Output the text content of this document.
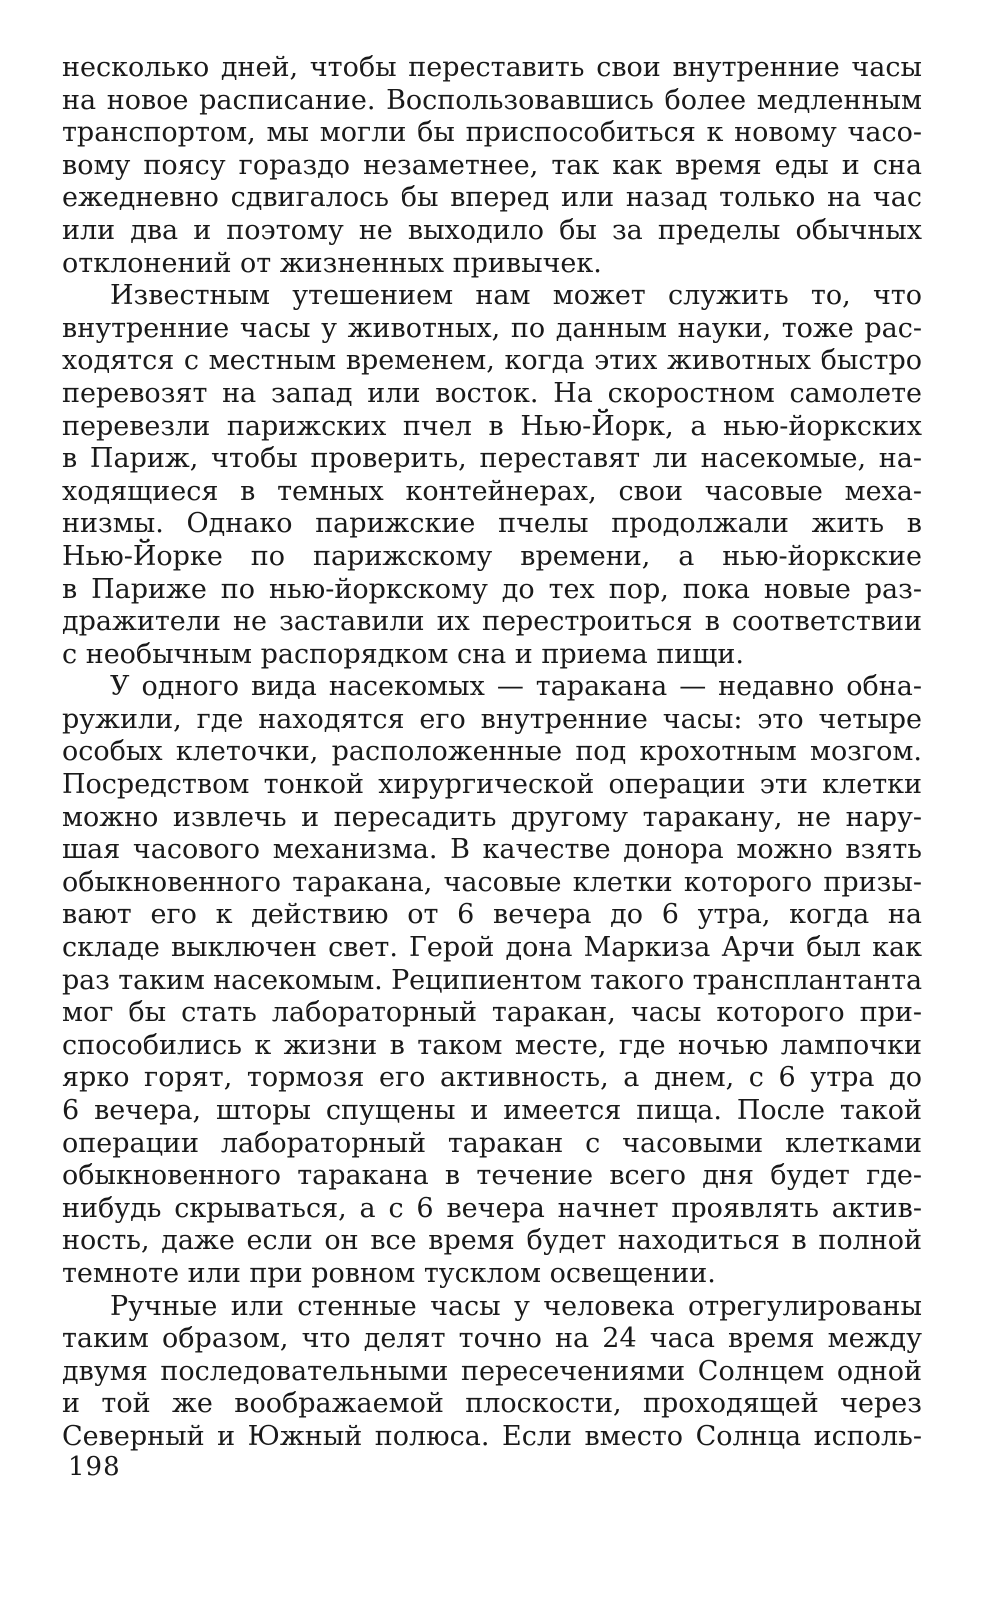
несколько дней, чтобы переставить свои внутренние часы
на новое расписание. Воспользовавшись более медленным
транспортом, мы могли бы приспособиться к новому часо-
вому поясу гораздо незаметнее, так как время еды и сна
ежедневно сдвигалось бы вперед или назад только на час
или два и поэтому не выходило бы за пределы обычных
отклонений от жизненных привычек.

Известным утешением нам может служить то, что
внутренние часы у животных, по данным науки, тоже рас-
ходятся с местным временем, когда этих животных быстро
перевозят на запад или восток. На скоростном самолете
перевезли парижских пчел в Нью-Йорк, а нью-йоркских
в Париж, чтобы проверить, переставят ли насекомые, на-
ходящиеся в темных контейнерах, свои часовые меха-
низмы. Однако парижские пчелы продолжали жить в
Нью-Йорке по парижскому времени, а нью-йоркские
в Париже по нью-йоркскому до тех пор, пока новые раз-
дражители не заставили их перестроиться в соответствии
с необычным распорядком сна и приема пищи.

У одного вида насекомых — таракана — недавно обна-
ружили, где находятся его внутренние часы: это четыре
особых клеточки, расположенные под крохотным мозгом.
Посредством тонкой хирургической операции эти клетки
можно извлечь и пересадить другому таракану, не нару-
шая часового механизма. В качестве донора можно взять
обыкновенного таракана, часовые клетки которого призы-
вают его к действию от 6 вечера до 6 утра, когда на
складе выключен свет. Герой дона Маркиза Арчи был как
раз таким насекомым. Реципиентом такого трансплантанта
мог бы стать лабораторный таракан, часы которого при-
способились к жизни в таком месте, где ночью лампочки
ярко горят, тормозя его активность, а днем, с 6 утра до
6 вечера, шторы спущены и имеется пища. После такой
операции лабораторный таракан с часовыми клетками
обыкновенного таракана в течение всего дня будет где-
нибудь скрываться, а с 6 вечера начнет проявлять актив-
ность, даже если он все время будет находиться в полной
темноте или при ровном тусклом освещении.

Ручные или стенные часы у человека отрегулированы
таким образом, что делят точно на 24 часа время между
двумя последовательными пересечениями Солнцем одной
и той же воображаемой плоскости, проходящей через
Северный и Южный полюса. Если вместо Солнца исполь-

198
